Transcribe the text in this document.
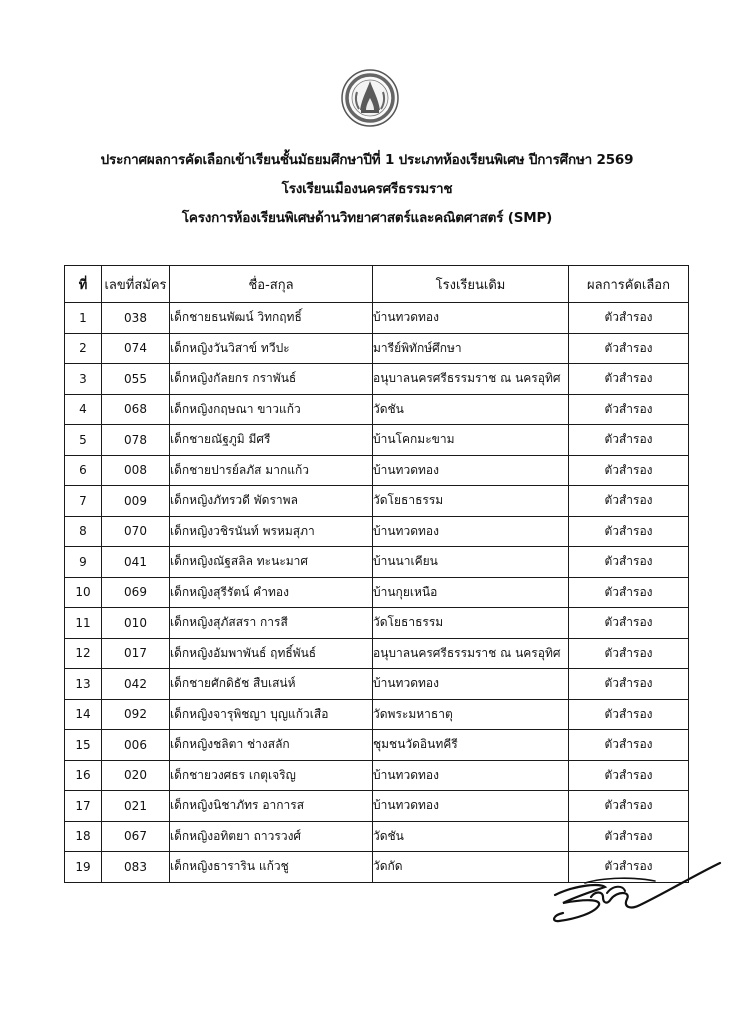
ประกาศผลการคัดเลือกเข้าเรียนชั้นมัธยมศึกษาปีที่ 1 ประเภทห้องเรียนพิเศษ ปีการศึกษา 2569
โรงเรียนเมืองนครศรีธรรมราช
โครงการห้องเรียนพิเศษด้านวิทยาศาสตร์และคณิตศาสตร์ (SMP)
ที่	เลขที่สมัคร	ชื่อ-สกุล	โรงเรียนเดิม	ผลการคัดเลือก
1	038	เด็กชายธนพัฒน์ วิทกฤทธิ์	บ้านทวดทอง	ตัวสำรอง
2	074	เด็กหญิงวันวิสาข์ ทวีปะ	มารีย์พิทักษ์ศึกษา	ตัวสำรอง
3	055	เด็กหญิงกัลยกร กราพันธ์	อนุบาลนครศรีธรรมราช ณ นครอุทิศ	ตัวสำรอง
4	068	เด็กหญิงกฤษณา ขาวแก้ว	วัดชัน	ตัวสำรอง
5	078	เด็กชายณัฐภูมิ มีศรี	บ้านโคกมะขาม	ตัวสำรอง
6	008	เด็กชายปารย์ลภัส มากแก้ว	บ้านทวดทอง	ตัวสำรอง
7	009	เด็กหญิงภัทรวดี พัดราพล	วัดโยธาธรรม	ตัวสำรอง
8	070	เด็กหญิงวชิรนันท์ พรหมสุภา	บ้านทวดทอง	ตัวสำรอง
9	041	เด็กหญิงณัฐสลิล ทะนะมาศ	บ้านนาเคียน	ตัวสำรอง
10	069	เด็กหญิงสุรีรัตน์ คำทอง	บ้านกุยเหนือ	ตัวสำรอง
11	010	เด็กหญิงสุภัสสรา การสี	วัดโยธาธรรม	ตัวสำรอง
12	017	เด็กหญิงอัมพาพันธ์ ฤทธิ์พันธ์	อนุบาลนครศรีธรรมราช ณ นครอุทิศ	ตัวสำรอง
13	042	เด็กชายศักดิธัช สืบเสน่ห์	บ้านทวดทอง	ตัวสำรอง
14	092	เด็กหญิงจารุพิชญา บุญแก้วเสือ	วัดพระมหาธาตุ	ตัวสำรอง
15	006	เด็กหญิงชลิตา ช่างสลัก	ชุมชนวัดอินทคีรี	ตัวสำรอง
16	020	เด็กชายวงศธร เกตุเจริญ	บ้านทวดทอง	ตัวสำรอง
17	021	เด็กหญิงนิชาภัทร อาการส	บ้านทวดทอง	ตัวสำรอง
18	067	เด็กหญิงอทิตยา ถาวรวงศ์	วัดชัน	ตัวสำรอง
19	083	เด็กหญิงธาราริน แก้วชู	วัดกัด	ตัวสำรอง
